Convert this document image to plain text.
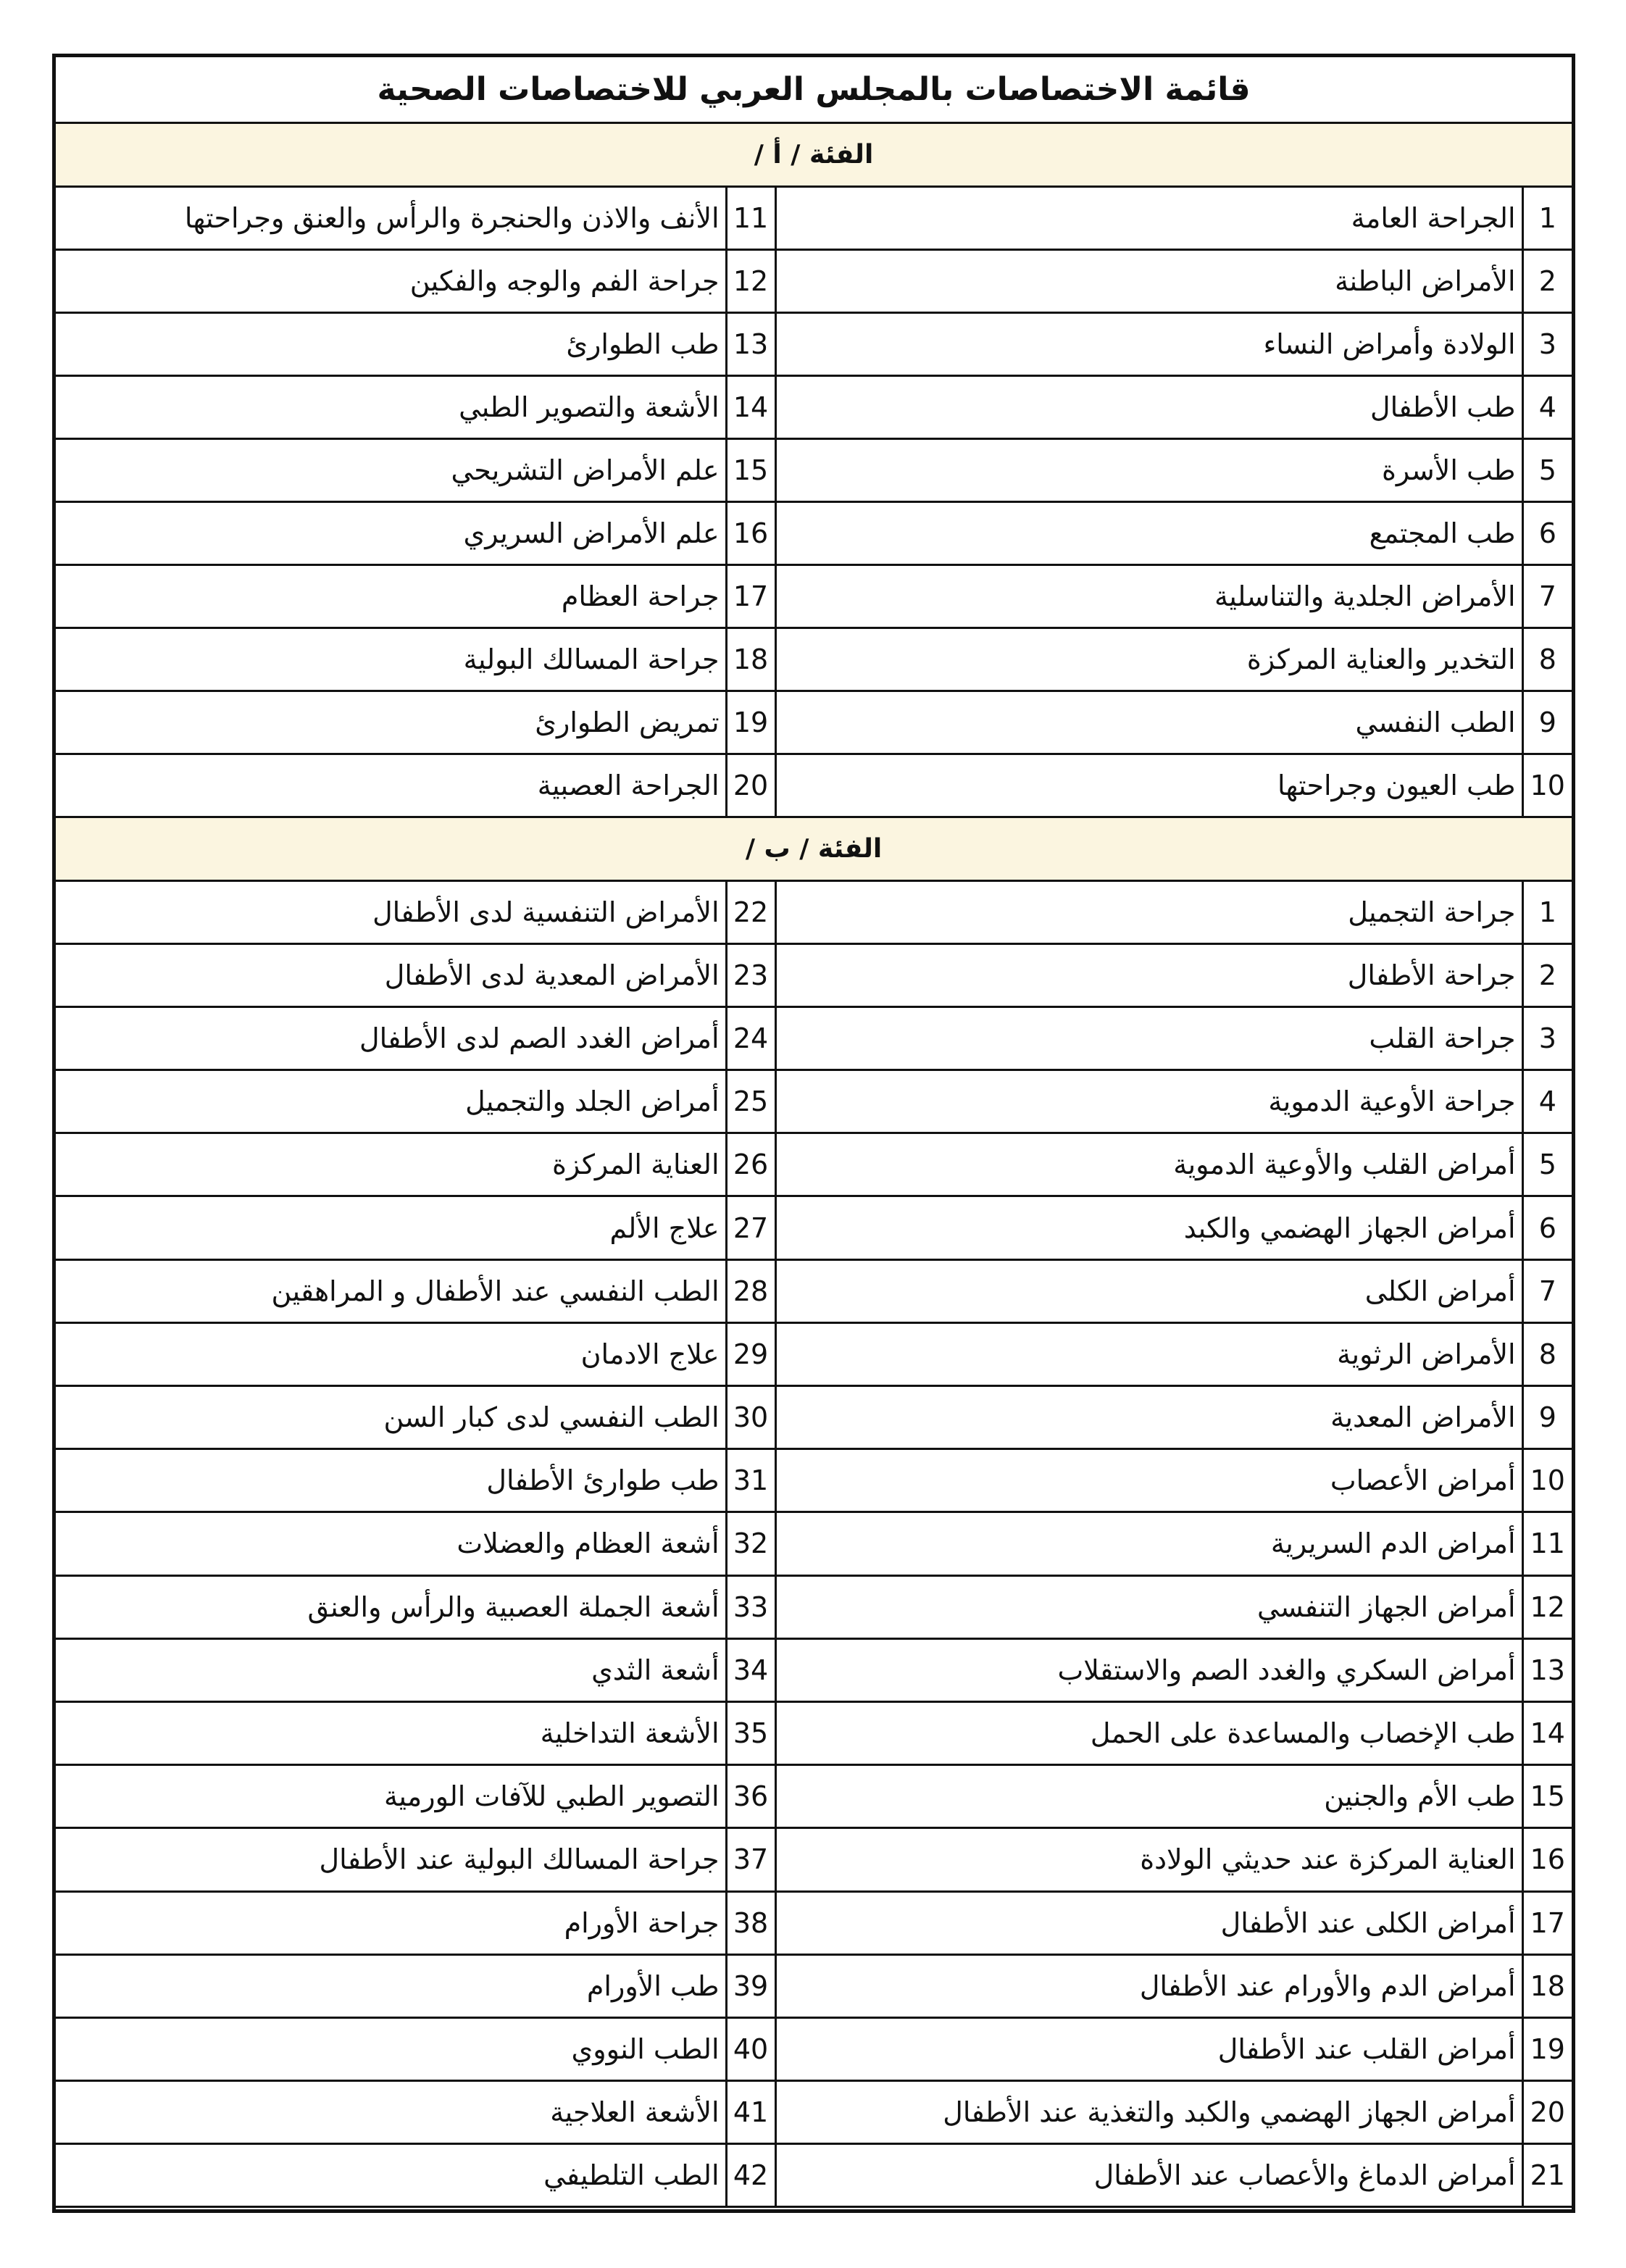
قائمة الاختصاصات بالمجلس العربي للاختصاصات الصحية			
الفئة / أ /			
1	الجراحة العامة	11	الأنف والاذن والحنجرة والرأس والعنق وجراحتها
2	الأمراض الباطنة	12	جراحة الفم والوجه والفكين
3	الولادة وأمراض النساء	13	طب الطوارئ
4	طب الأطفال	14	الأشعة والتصوير الطبي
5	طب الأسرة	15	علم الأمراض التشريحي
6	طب المجتمع	16	علم الأمراض السريري
7	الأمراض الجلدية والتناسلية	17	جراحة العظام
8	التخدير والعناية المركزة	18	جراحة المسالك البولية
9	الطب النفسي	19	تمريض الطوارئ
10	طب العيون وجراحتها	20	الجراحة العصبية
الفئة / ب /			
1	جراحة التجميل	22	الأمراض التنفسية لدى الأطفال
2	جراحة الأطفال	23	الأمراض المعدية لدى الأطفال
3	جراحة القلب	24	أمراض الغدد الصم لدى الأطفال
4	جراحة الأوعية الدموية	25	أمراض الجلد والتجميل
5	أمراض القلب والأوعية الدموية	26	العناية المركزة
6	أمراض الجهاز الهضمي والكبد	27	علاج الألم
7	أمراض الكلى	28	الطب النفسي عند الأطفال و المراهقين
8	الأمراض الرثوية	29	علاج الادمان
9	الأمراض المعدية	30	الطب النفسي لدى كبار السن
10	أمراض الأعصاب	31	طب طوارئ الأطفال
11	أمراض الدم السريرية	32	أشعة العظام والعضلات
12	أمراض الجهاز التنفسي	33	أشعة الجملة العصبية والرأس والعنق
13	أمراض السكري والغدد الصم والاستقلاب	34	أشعة الثدي
14	طب الإخصاب والمساعدة على الحمل	35	الأشعة التداخلية
15	طب الأم والجنين	36	التصوير الطبي للآفات الورمية
16	العناية المركزة عند حديثي الولادة	37	جراحة المسالك البولية عند الأطفال
17	أمراض الكلى عند الأطفال	38	جراحة الأورام
18	أمراض الدم والأورام عند الأطفال	39	طب الأورام
19	أمراض القلب عند الأطفال	40	الطب النووي
20	أمراض الجهاز الهضمي والكبد والتغذية عند الأطفال	41	الأشعة العلاجية
21	أمراض الدماغ والأعصاب عند الأطفال	42	الطب التلطيفي
